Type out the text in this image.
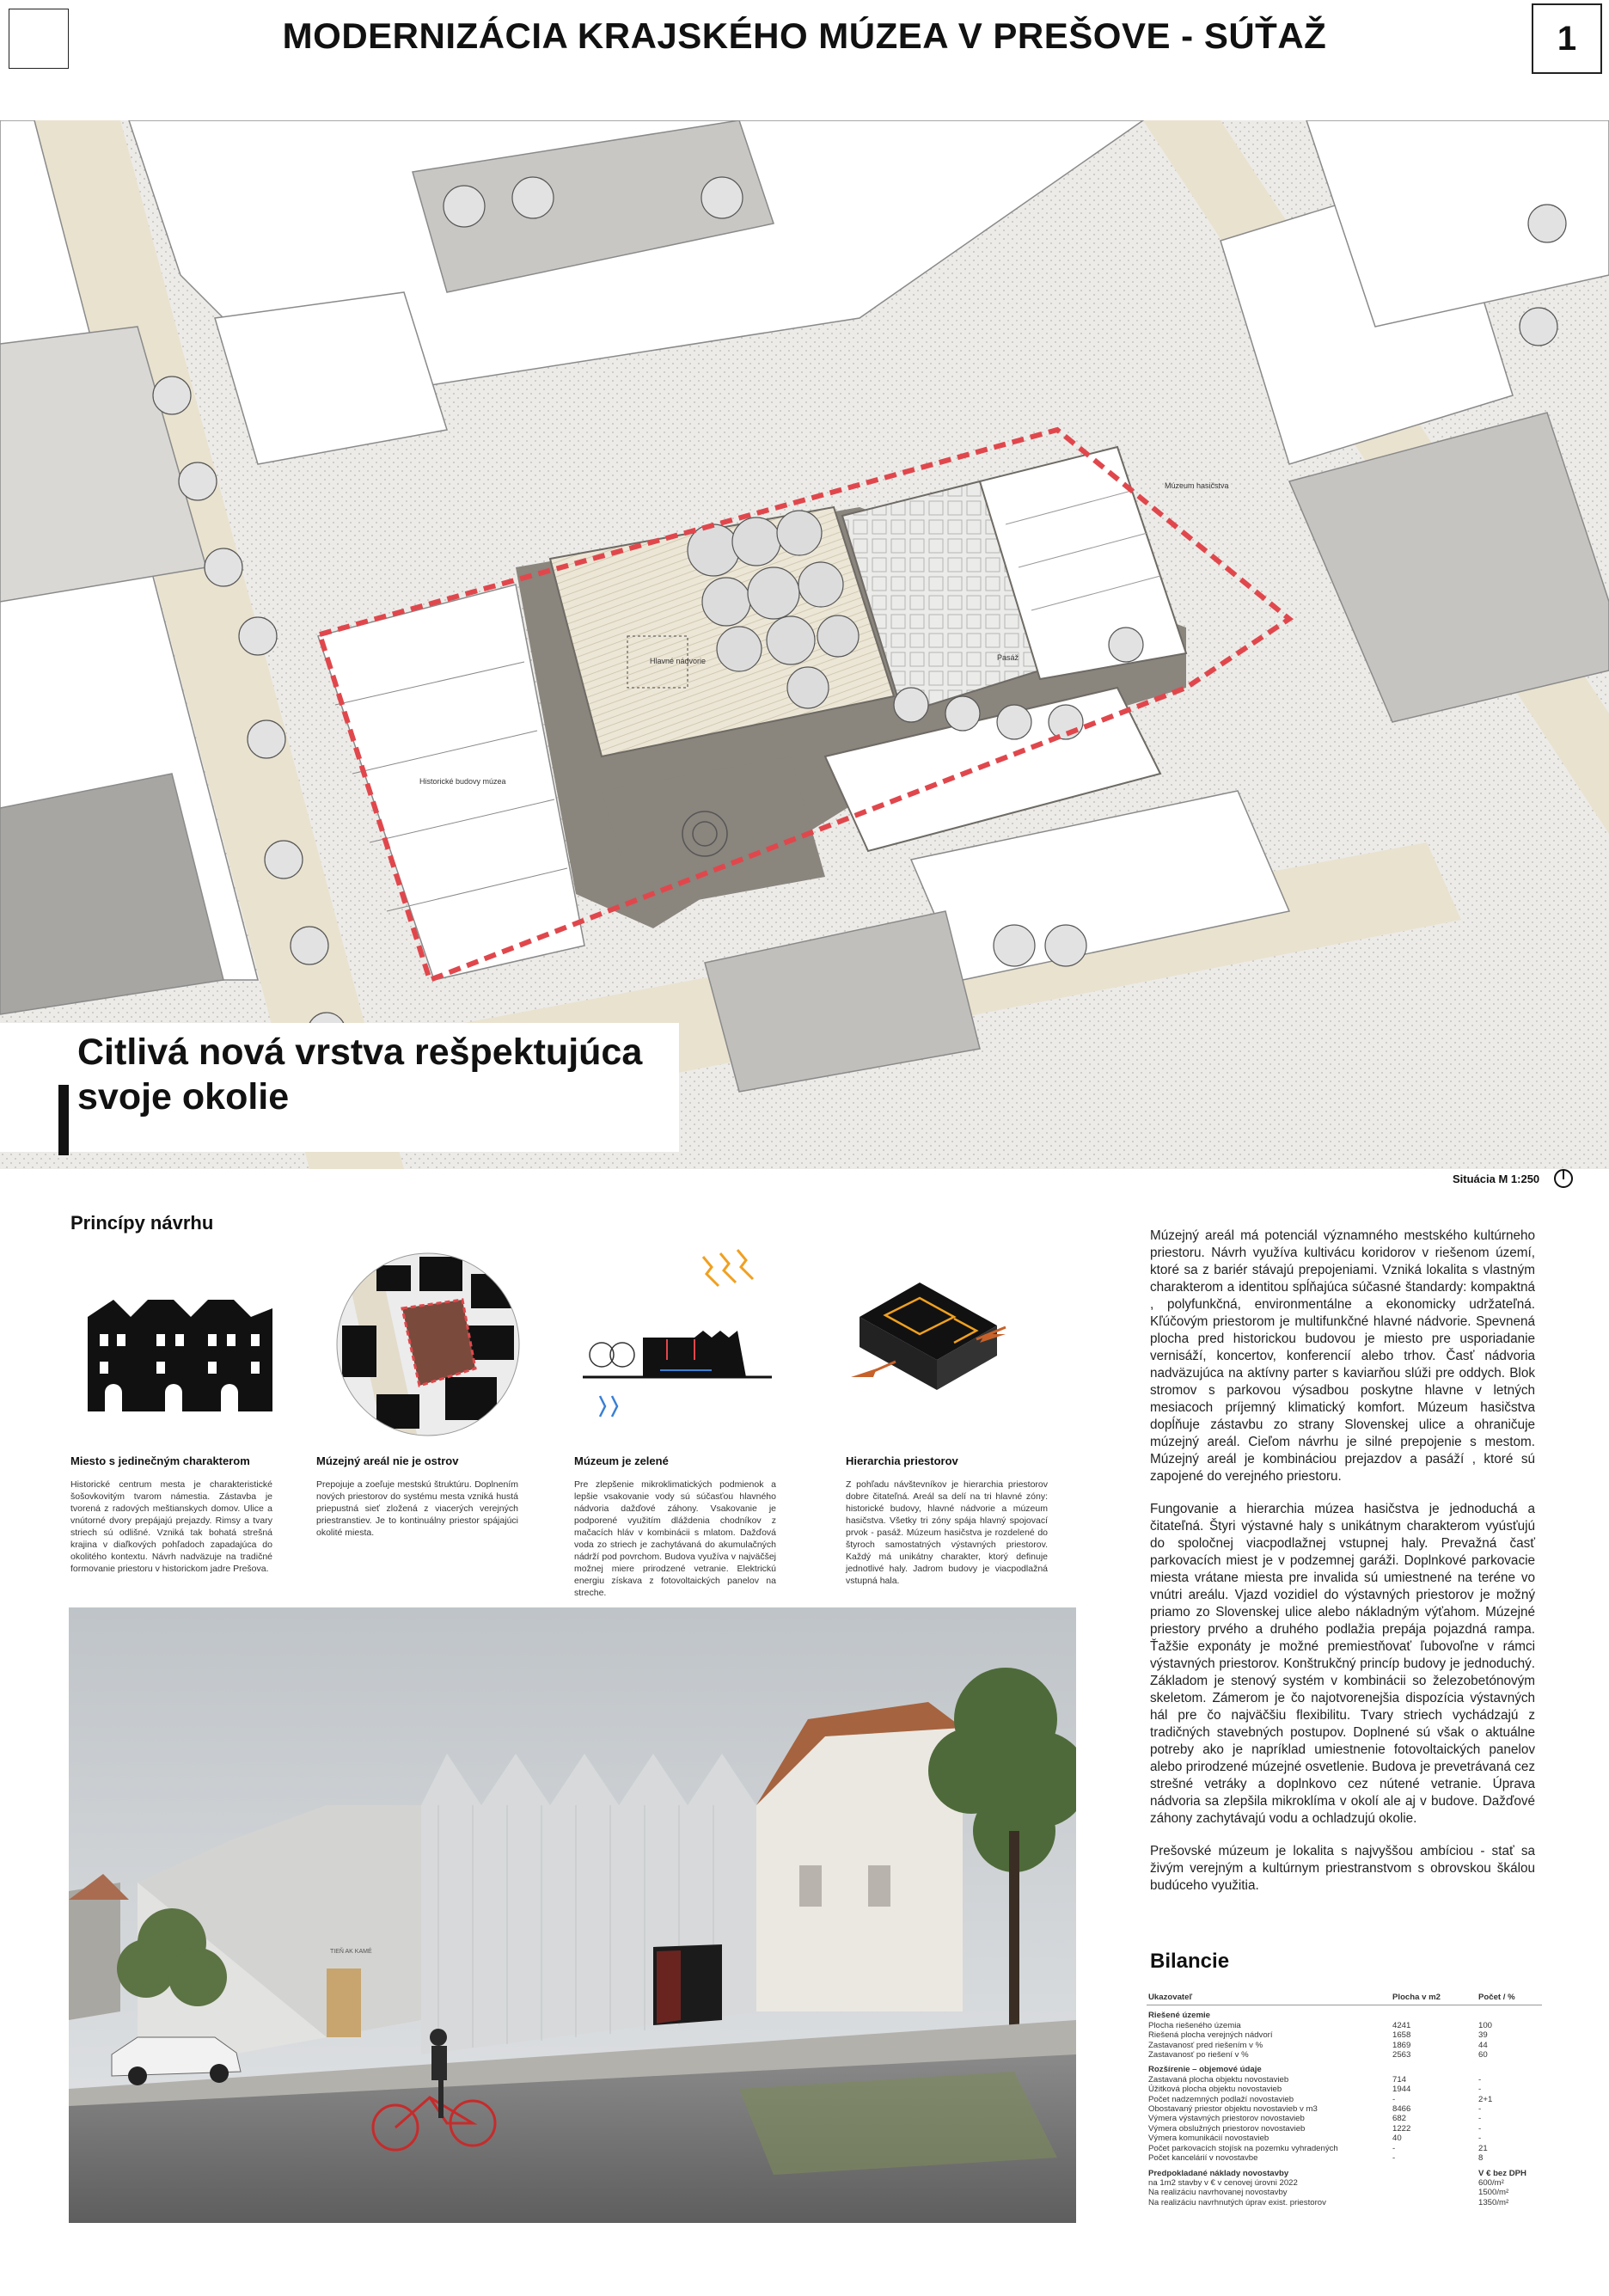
MODERNIZÁCIA KRAJSKÉHO MÚZEA V PREŠOVE - SÚŤAŽ	1
Hlavné nádvorie	Pasáž
Múzeum hasičstva
Historické budovy múzea
Citlivá nová vrstva rešpektujúca
svoje okolie
Situácia M 1:250
Princípy návrhu
Miesto s jedinečným charakterom
Historické centrum mesta je charakteristické šošovkovitým tvarom námestia. Zástavba je tvorená z radových meštianskych domov. Ulice a vnútorné dvory prepájajú prejazdy. Rimsy a tvary striech sú odlišné. Vzniká tak bohatá strešná krajina v diaľkových pohľadoch zapadajúca do okolitého kontextu. Návrh nadväzuje na tradičné formovanie priestoru v historickom jadre Prešova.
Múzejný areál nie je ostrov
Prepojuje a zoeľuje mestskú štruktúru. Doplnením nových priestorov do systému mesta vzniká hustá priepustná sieť zložená z viacerých verejných priestranstiev. Je to kontinuálny priestor spájajúci okolité miesta.
Múzeum je zelené
Pre zlepšenie mikroklimatických podmienok a lepšie vsakovanie vody sú súčasťou hlavného nádvoria dažďové záhony. Vsakovanie je podporené využitím dláždenia chodníkov z mačacích hláv v kombinácii s mlatom. Dažďová voda zo striech je zachytávaná do akumulačných nádrží pod povrchom. Budova využíva v najväčšej možnej miere prirodzené vetranie. Elektrickú energiu získava z fotovoltaických panelov na streche.
Hierarchia priestorov
Z pohľadu návštevníkov je hierarchia priestorov dobre čitateľná. Areál sa delí na tri hlavné zóny: historické budovy, hlavné nádvorie a múzeum hasičstva. Všetky tri zóny spája hlavný spojovací prvok - pasáž. Múzeum hasičstva je rozdelené do štyroch samostatných výstavných priestorov. Každý má unikátny charakter, ktorý definuje jednotlivé haly. Jadrom budovy je viacpodlažná vstupná hala.

Múzejný areál má potenciál významného mestského kultúrneho priestoru. Návrh využíva kultivácu koridorov v riešenom území, ktoré sa z bariér stávajú prepojeniami. Vzniká lokalita s vlastným charakterom a identitou spĺňajúca súčasné štandardy: kompaktná , polyfunkčná, environmentálne a ekonomicky udržateľná. Kľúčovým priestorom je multifunkčné hlavné nádvorie. Spevnená plocha pred historickou budovou je miesto pre usporiadanie vernisáží, koncertov, konferencií alebo trhov. Časť nádvoria nadväzujúca na aktívny parter s kaviarňou slúži pre oddych. Blok stromov s parkovou výsadbou poskytne hlavne v letných mesiacoch príjemný klimatický komfort. Múzeum hasičstva dopĺňuje zástavbu zo strany Slovenskej ulice a ohraničuje múzejný areál. Cieľom návrhu je silné prepojenie s mestom. Múzejný areál je kombináciou prejazdov a pasáží , ktoré sú zapojené do verejného priestoru.

Fungovanie a hierarchia múzea hasičstva je jednoduchá a čitateľná. Štyri výstavné haly s unikátnym charakterom vyúsťujú do spoločnej viacpodlažnej vstupnej haly. Prevažná časť parkovacích miest je v podzemnej garáži. Doplnkové parkovacie miesta vrátane miesta pre invalida sú umiestnené na teréne vo vnútri areálu. Vjazd vozidiel do výstavných priestorov je možný priamo zo Slovenskej ulice alebo nákladným výťahom. Múzejné priestory prvého a druhého podlažia prepája pojazdná rampa. Ťažšie exponáty je možné premiestňovať ľubovoľne v rámci výstavných priestorov. Konštrukčný princíp budovy je jednoduchý. Základom je stenový systém v kombinácii so železobetónovým skeletom. Zámerom je čo najotvorenejšia dispozícia výstavných hál pre čo najväčšiu flexibilitu. Tvary striech vychádzajú z tradičných stavebných postupov. Doplnené sú však o aktuálne potreby ako je napríklad umiestnenie fotovoltaických panelov alebo prirodzené múzejné osvetlenie. Budova je prevetrávaná cez strešné vetráky a doplnkovo cez nútené vetranie. Úprava nádvoria sa zlepšila mikroklíma v okolí ale aj v budove. Dažďové záhony zachytávajú vodu a ochladzujú okolie.

Prešovské múzeum je lokalita s najvyššou ambíciou - stať sa živým verejným a kultúrnym priestranstvom s obrovskou škálou budúceho využitia.

TIEŇ AK KAMÉ	Bilancie
Ukazovateľ	Plocha v m2	Počet / %
Riešené územie		
Plocha riešeného územia	4241	100
Riešená plocha verejných nádvorí	1658	39
Zastavanosť pred riešením v %	1869	44
Zastavanosť po riešení v %	2563	60
Rozšírenie – objemové údaje		
Zastavaná plocha objektu novostavieb	714	-
Úžitková plocha objektu novostavieb	1944	-
Počet nadzemných podlaží novostavieb	-	2+1
Obostavaný priestor objektu novostavieb v m3	8466	-
Výmera výstavných priestorov novostavieb	682	-
Výmera obslužných priestorov novostavieb	1222	-
Výmera komunikácií novostavieb	40	-
Počet parkovacích stojísk na pozemku vyhradených	-	21
Počet kancelárií v novostavbe	-	8
Predpokladané náklady novostavby		V € bez DPH
na 1m2 stavby v € v cenovej úrovni 2022		600/m²
Na realizáciu navrhovanej novostavby		1500/m²
Na realizáciu navrhnutých úprav exist. priestorov		1350/m²
